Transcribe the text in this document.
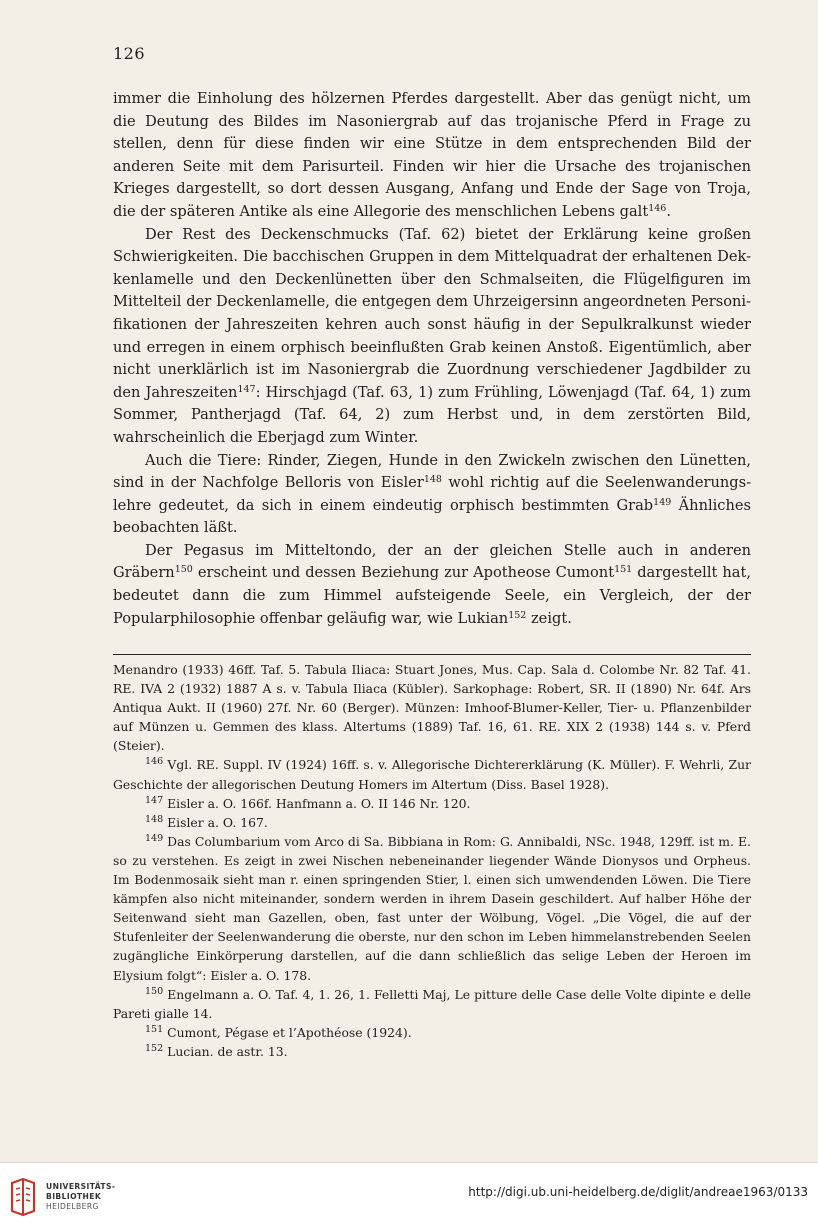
126

immer die Einholung des hölzernen Pferdes dargestellt. Aber das genügt nicht, um die Deutung des Bildes im Nasoniergrab auf das trojanische Pferd in Frage zu stellen, denn für diese finden wir eine Stütze in dem entsprechenden Bild der anderen Seite mit dem Parisurteil. Finden wir hier die Ursache des trojanischen Krieges dargestellt, so dort dessen Ausgang, Anfang und Ende der Sage von Troja, die der späteren Antike als eine Allegorie des menschlichen Lebens galt$^{146}$.

Der Rest des Deckenschmucks (Taf. 62) bietet der Erklärung keine großen Schwierigkeiten. Die bacchischen Gruppen in dem Mittelquadrat der erhaltenen Dek-kenlamelle und den Deckenlünetten über den Schmalseiten, die Flügelfiguren im Mittelteil der Deckenlamelle, die entgegen dem Uhrzeigersinn angeordneten Personi-fikationen der Jahreszeiten kehren auch sonst häufig in der Sepulkralkunst wieder und erregen in einem orphisch beeinflußten Grab keinen Anstoß. Eigentümlich, aber nicht unerklärlich ist im Nasoniergrab die Zuordnung verschiedener Jagdbilder zu den Jahreszeiten$^{147}$: Hirschjagd (Taf. 63, 1) zum Frühling, Löwenjagd (Taf. 64, 1) zum Sommer, Pantherjagd (Taf. 64, 2) zum Herbst und, in dem zerstörten Bild, wahrscheinlich die Eberjagd zum Winter.

Auch die Tiere: Rinder, Ziegen, Hunde in den Zwickeln zwischen den Lünetten, sind in der Nachfolge Belloris von Eisler$^{148}$ wohl richtig auf die Seelenwanderungs-lehre gedeutet, da sich in einem eindeutig orphisch bestimmten Grab$^{149}$ Ähnliches beobachten läßt.

Der Pegasus im Mitteltondo, der an der gleichen Stelle auch in anderen Gräbern$^{150}$ erscheint und dessen Beziehung zur Apotheose Cumont$^{151}$ dargestellt hat, bedeutet dann die zum Himmel aufsteigende Seele, ein Vergleich, der der Popularphilosophie offenbar geläufig war, wie Lukian$^{152}$ zeigt.

Menandro (1933) 46ff. Taf. 5. Tabula Iliaca: Stuart Jones, Mus. Cap. Sala d. Colombe Nr. 82 Taf. 41. RE. IVA 2 (1932) 1887 A s. v. Tabula Iliaca (Kübler). Sarkophage: Robert, SR. II (1890) Nr. 64f. Ars Antiqua Aukt. II (1960) 27f. Nr. 60 (Berger). Münzen: Imhoof-Blumer-Keller, Tier- u. Pflanzenbilder auf Münzen u. Gemmen des klass. Altertums (1889) Taf. 16, 61. RE. XIX 2 (1938) 144 s. v. Pferd (Steier).

$^{146}$ Vgl. RE. Suppl. IV (1924) 16ff. s. v. Allegorische Dichtererklärung (K. Müller). F. Wehrli, Zur Geschichte der allegorischen Deutung Homers im Altertum (Diss. Basel 1928).

$^{147}$ Eisler a. O. 166f. Hanfmann a. O. II 146 Nr. 120.

$^{148}$ Eisler a. O. 167.

$^{149}$ Das Columbarium vom Arco di Sa. Bibbiana in Rom: G. Annibaldi, NSc. 1948, 129ff. ist m. E. so zu verstehen. Es zeigt in zwei Nischen nebeneinander liegender Wände Dionysos und Orpheus. Im Bodenmosaik sieht man r. einen springenden Stier, l. einen sich umwendenden Löwen. Die Tiere kämpfen also nicht miteinander, sondern werden in ihrem Dasein geschildert. Auf halber Höhe der Seitenwand sieht man Gazellen, oben, fast unter der Wölbung, Vögel. „Die Vögel, die auf der Stufenleiter der Seelenwanderung die oberste, nur den schon im Leben himmelanstrebenden Seelen zugängliche Einkörperung darstellen, auf die dann schließlich das selige Leben der Heroen im Elysium folgt“: Eisler a. O. 178.

$^{150}$ Engelmann a. O. Taf. 4, 1. 26, 1. Felletti Maj, Le pitture delle Case delle Volte dipinte e delle Pareti gialle 14.

$^{151}$ Cumont, Pégase et l’Apothéose (1924).

$^{152}$ Lucian. de astr. 13.

UNIVERSITÄTS-
BIBLIOTHEK
HEIDELBERG
http://digi.ub.uni-heidelberg.de/diglit/andreae1963/0133
